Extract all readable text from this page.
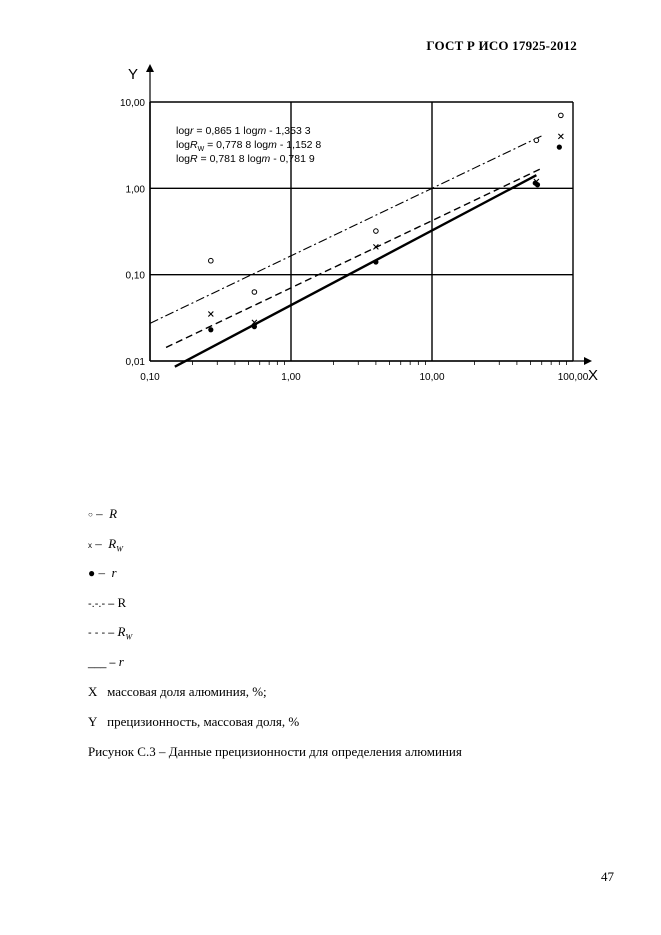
ГОСТ Р ИСО 17925-2012
0,10	1,00	10,00	100,00
0,01
0,10
1,00
10,00
X
Y
logr = 0,865 1 logm - 1,353 3
logR$_W$ = 0,778 8 logm - 1,152 8
logR = 0,781 8 logm - 0,781 9
○ –  R
x –  $R_W$
● –  r
-.-.- – R
- - - – $R_W$
___ – r
X массовая доля алюминия, %;
Y прецизионность, массовая доля, %
Рисунок С.3 – Данные прецизионности для определения алюминия
47
